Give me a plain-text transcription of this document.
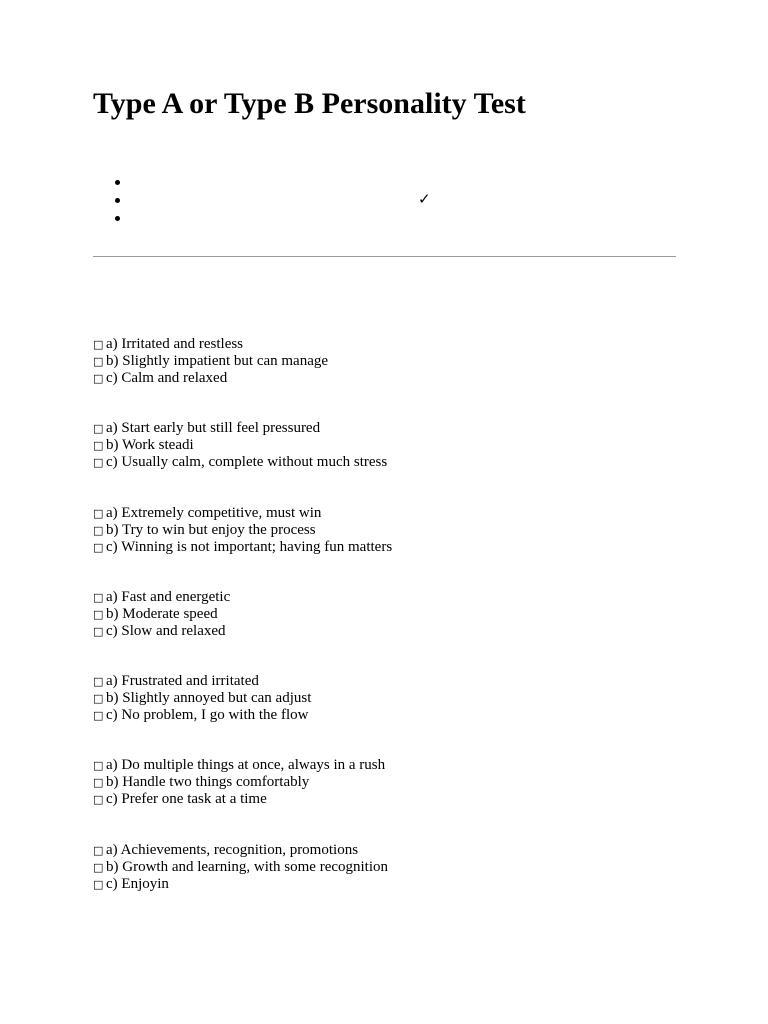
Type A or Type B Personality Test
✓
□ a) Irritated and restless
□ b) Slightly impatient but can manage
□ c) Calm and relaxed
□ a) Start early but still feel pressured
□ b) Work steadi
□ c) Usually calm, complete without much stress
□ a) Extremely competitive, must win
□ b) Try to win but enjoy the process
□ c) Winning is not important; having fun matters
□ a) Fast and energetic
□ b) Moderate speed
□ c) Slow and relaxed
□ a) Frustrated and irritated
□ b) Slightly annoyed but can adjust
□ c) No problem, I go with the flow
□ a) Do multiple things at once, always in a rush
□ b) Handle two things comfortably
□ c) Prefer one task at a time
□ a) Achievements, recognition, promotions
□ b) Growth and learning, with some recognition
□ c) Enjoyin
